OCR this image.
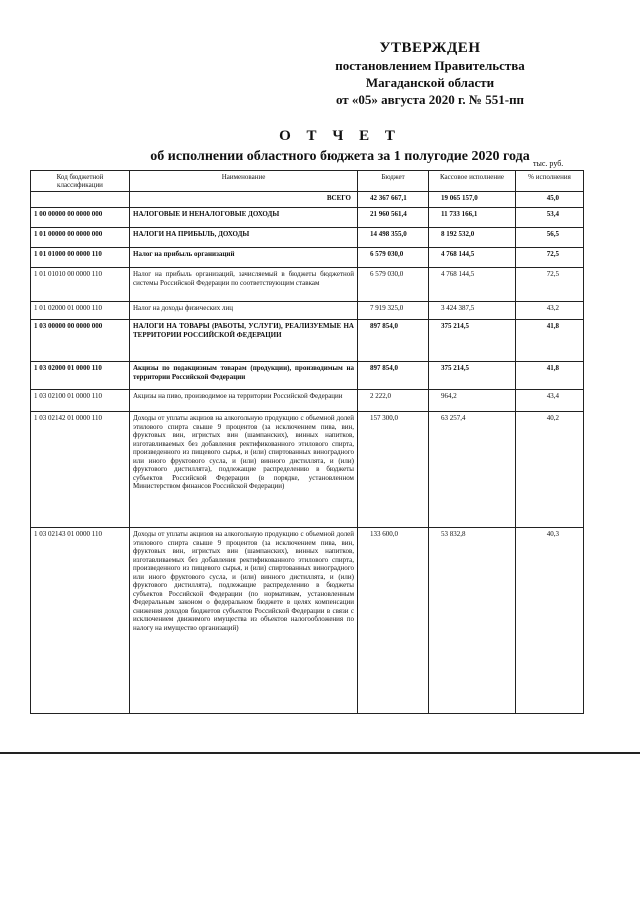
УТВЕРЖДЕН
постановлением Правительства
Магаданской области
от «05» августа 2020 г. № 551-пп
О Т Ч Е Т
об исполнении областного бюджета за 1 полугодие 2020 года тыс. руб.
Код бюджетной классификации	Наименование	Бюджет	Кассовое исполнение	% исполнения
	ВСЕГО	42 367 667,1	19 065 157,0	45,0
1 00 00000 00 0000 000	НАЛОГОВЫЕ И НЕНАЛОГОВЫЕ ДОХОДЫ	21 960 561,4	11 733 166,1	53,4
1 01 00000 00 0000 000	НАЛОГИ НА ПРИБЫЛЬ, ДОХОДЫ	14 498 355,0	8 192 532,0	56,5
1 01 01000 00 0000 110	Налог на прибыль организаций	6 579 030,0	4 768 144,5	72,5
1 01 01010 00 0000 110	Налог на прибыль организаций, зачисляемый в бюджеты бюджетной системы Российской Федерации по соответствующим ставкам	6 579 030,0	4 768 144,5	72,5
1 01 02000 01 0000 110	Налог на доходы физических лиц	7 919 325,0	3 424 387,5	43,2
1 03 00000 00 0000 000	НАЛОГИ НА ТОВАРЫ (РАБОТЫ, УСЛУГИ), РЕАЛИЗУЕМЫЕ НА ТЕРРИТОРИИ РОССИЙСКОЙ ФЕДЕРАЦИИ	897 854,0	375 214,5	41,8
1 03 02000 01 0000 110	Акцизы по подакцизным товарам (продукции), производимым на территории Российской Федерации	897 854,0	375 214,5	41,8
1 03 02100 01 0000 110	Акцизы на пиво, производимое на территории Российской Федерации	2 222,0	964,2	43,4
1 03 02142 01 0000 110	Доходы от уплаты акцизов на алкогольную продукцию с объемной долей этилового спирта свыше 9 процентов (за исключением пива, вин, фруктовых вин, игристых вин (шампанских), винных напитков, изготавливаемых без добавления ректификованного этилового спирта, произведенного из пищевого сырья, и (или) спиртованных виноградного или иного фруктового сусла, и (или) винного дистиллята, и (или) фруктового дистиллята), подлежащие распределению в бюджеты субъектов Российской Федерации (в порядке, установленном Министерством финансов Российской Федерации)	157 300,0	63 257,4	40,2
1 03 02143 01 0000 110	Доходы от уплаты акцизов на алкогольную продукцию с объемной долей этилового спирта свыше 9 процентов (за исключением пива, вин, фруктовых вин, игристых вин (шампанских), винных напитков, изготавливаемых без добавления ректификованного этилового спирта, произведенного из пищевого сырья, и (или) спиртованных виноградного или иного фруктового сусла, и (или) винного дистиллята, и (или) фруктового дистиллята), подлежащие распределению в бюджеты субъектов Российской Федерации (по нормативам, установленным Федеральным законом о федеральном бюджете в целях компенсации снижения доходов бюджетов субъектов Российской Федерации в связи с исключением движимого имущества из объектов налогообложения по налогу на имущество организаций)	133 600,0	53 832,8	40,3
